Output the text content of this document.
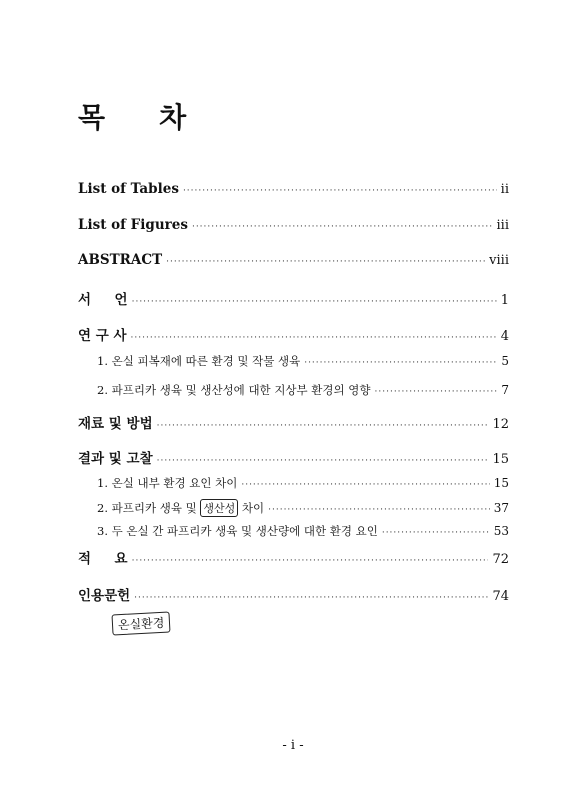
목 차
List of Tables ·····	ii
List of Figures ·····	iii
ABSTRACT ·····	viii
서     언 ·····	1
연 구 사 ·····	4
1. 온실 피복재에 따른 환경 및 작물 생육 ·····	5
2. 파프리카 생육 및 생산성에 대한 지상부 환경의 영향 ·····	7
재료 및 방법 ·····	12
결과 및 고찰 ·····	15
1. 온실 내부 환경 요인 차이 ·····	15
2. 파프리카 생육 및 생산성 차이 ·····	37
3. 두 온실 간 파프리카 생육 및 생산량에 대한 환경 요인 ·····	53
적     요 ·····	72
인용문헌 ·····	74
온실환경
- i -
